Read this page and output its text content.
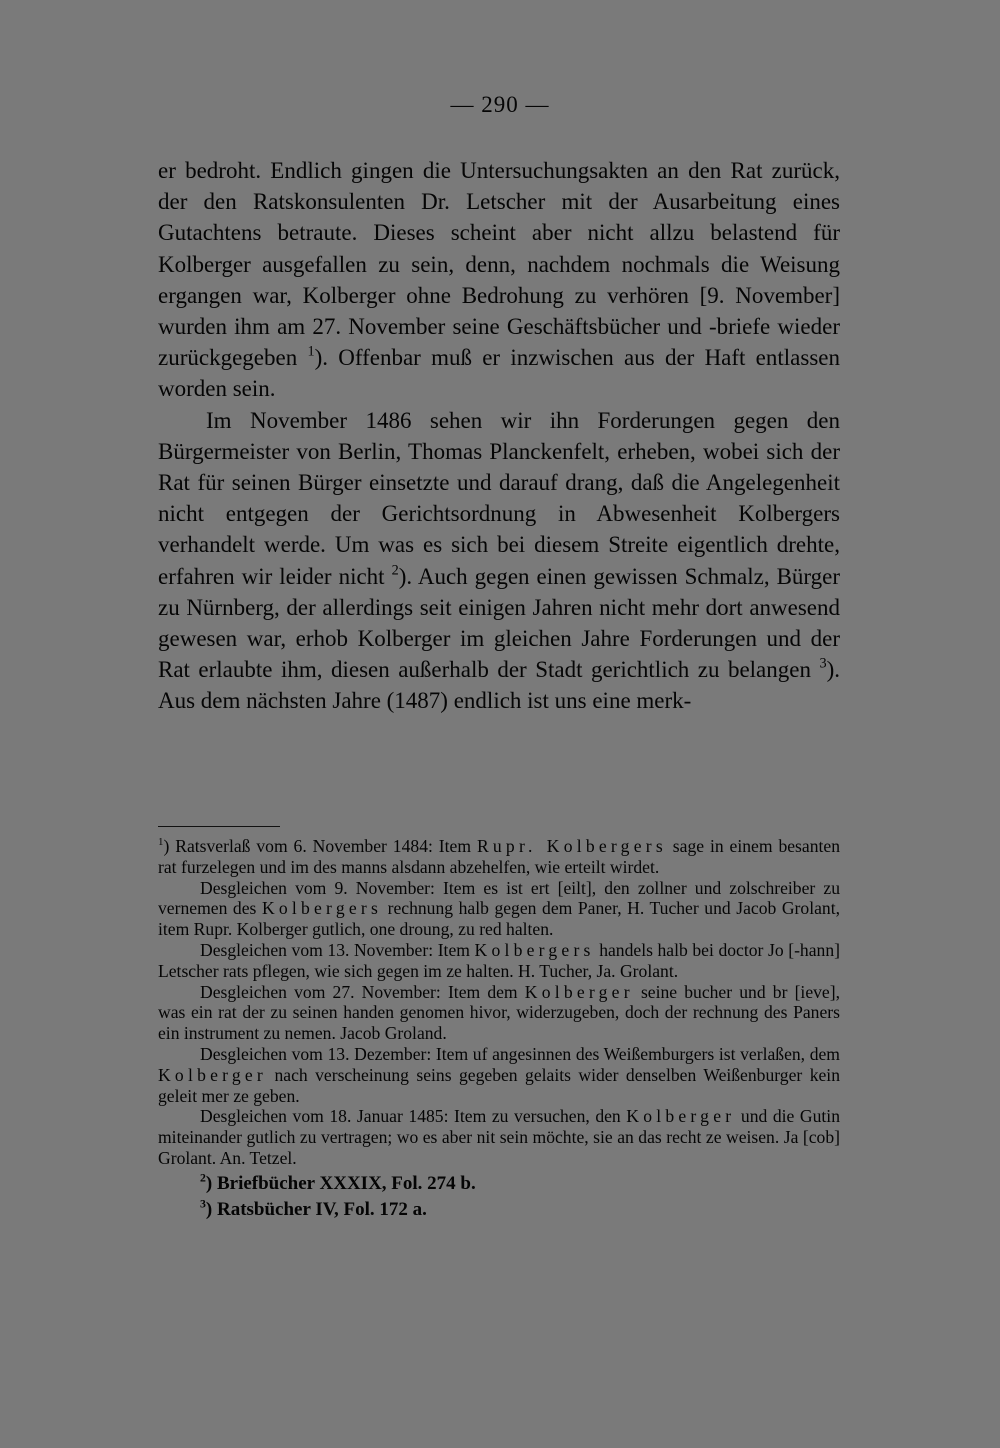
— 290 —

er bedroht. Endlich gingen die Untersuchungsakten an den Rat zurück, der den Ratskonsulenten Dr. Letscher mit der Ausarbeitung eines Gutachtens betraute. Dieses scheint aber nicht allzu belastend für Kolberger ausgefallen zu sein, denn, nachdem nochmals die Weisung ergangen war, Kolberger ohne Bedrohung zu verhören [9. November] wurden ihm am 27. November seine Geschäftsbücher und -briefe wieder zurückgegeben $^1$). Offenbar muß er inzwischen aus der Haft entlassen worden sein.

Im November 1486 sehen wir ihn Forderungen gegen den Bürgermeister von Berlin, Thomas Planckenfelt, erheben, wobei sich der Rat für seinen Bürger einsetzte und darauf drang, daß die Angelegenheit nicht entgegen der Gerichtsordnung in Abwesenheit Kolbergers verhandelt werde. Um was es sich bei diesem Streite eigentlich drehte, erfahren wir leider nicht $^2$). Auch gegen einen gewissen Schmalz, Bürger zu Nürnberg, der allerdings seit einigen Jahren nicht mehr dort anwesend gewesen war, erhob Kolberger im gleichen Jahre Forderungen und der Rat erlaubte ihm, diesen außerhalb der Stadt gerichtlich zu belangen $^3$). Aus dem nächsten Jahre (1487) endlich ist uns eine merk-

$^1$) Ratsverlaß vom 6. November 1484: Item Rupr. Kolbergers sage in einem besanten rat furzelegen und im des manns alsdann abzehelfen, wie erteilt wirdet.

Desgleichen vom 9. November: Item es ist ert [eilt], den zollner und zolschreiber zu vernemen des Kolbergers rechnung halb gegen dem Paner, H. Tucher und Jacob Grolant, item Rupr. Kolberger gutlich, one droung, zu red halten.

Desgleichen vom 13. November: Item Kolbergers handels halb bei doctor Jo [-hann] Letscher rats pflegen, wie sich gegen im ze halten. H. Tucher, Ja. Grolant.

Desgleichen vom 27. November: Item dem Kolberger seine bucher und br [ieve], was ein rat der zu seinen handen genomen hivor, widerzugeben, doch der rechnung des Paners ein instrument zu nemen. Jacob Groland.

Desgleichen vom 13. Dezember: Item uf angesinnen des Weißemburgers ist verlaßen, dem Kolberger nach verscheinung seins gegeben gelaits wider denselben Weißenburger kein geleit mer ze geben.

Desgleichen vom 18. Januar 1485: Item zu versuchen, den Kolberger und die Gutin miteinander gutlich zu vertragen; wo es aber nit sein möchte, sie an das recht ze weisen. Ja [cob] Grolant. An. Tetzel.

$^2$) Briefbücher XXXIX, Fol. 274 b.

$^3$) Ratsbücher IV, Fol. 172 a.
